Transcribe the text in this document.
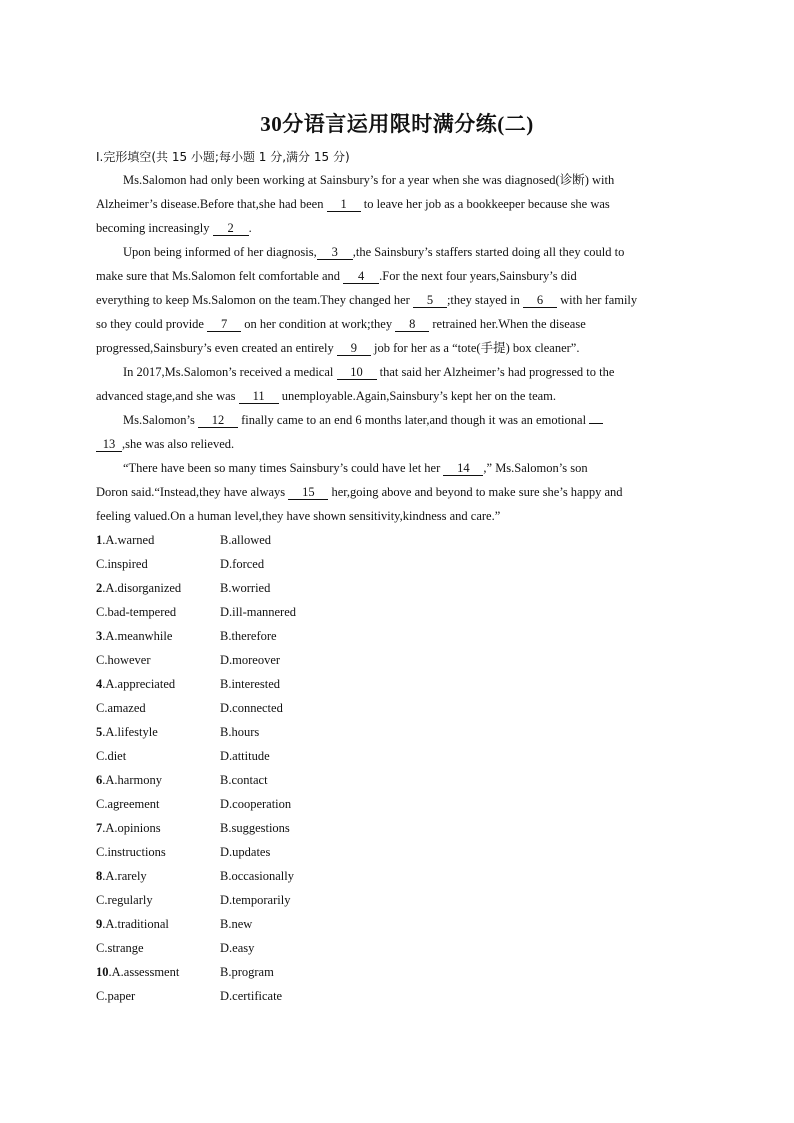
30分语言运用限时满分练(二)
Ⅰ.完形填空(共 15 小题;每小题 1 分,满分 15 分)
Ms.Salomon had only been working at Sainsbury’s for a year when she was diagnosed(诊断) with
Alzheimer’s disease.Before that,she had been 1 to leave her job as a bookkeeper because she was
becoming increasingly 2 .
Upon being informed of her diagnosis, 3 ,the Sainsbury’s staffers started doing all they could to
make sure that Ms.Salomon felt comfortable and 4 .For the next four years,Sainsbury’s did
everything to keep Ms.Salomon on the team.They changed her 5 ;they stayed in 6 with her family
so they could provide 7 on her condition at work;they 8 retrained her.When the disease
progressed,Sainsbury’s even created an entirely 9 job for her as a “tote(手提) box cleaner”.
In 2017,Ms.Salomon’s received a medical 10 that said her Alzheimer’s had progressed to the
advanced stage,and she was 11 unemployable.Again,Sainsbury’s kept her on the team.
Ms.Salomon’s 12 finally came to an end 6 months later,and though it was an emotional
13 ,she was also relieved.
“There have been so many times Sainsbury’s could have let her 14 ,” Ms.Salomon’s son
Doron said.“Instead,they have always 15 her,going above and beyond to make sure she’s happy and
feeling valued.On a human level,they have shown sensitivity,kindness and care.”
1.A.warned	B.allowed
C.inspired	D.forced
2.A.disorganized	B.worried
C.bad-tempered	D.ill-mannered
3.A.meanwhile	B.therefore
C.however	D.moreover
4.A.appreciated	B.interested
C.amazed	D.connected
5.A.lifestyle	B.hours
C.diet	D.attitude
6.A.harmony	B.contact
C.agreement	D.cooperation
7.A.opinions	B.suggestions
C.instructions	D.updates
8.A.rarely	B.occasionally
C.regularly	D.temporarily
9.A.traditional	B.new
C.strange	D.easy
10.A.assessment	B.program
C.paper	D.certificate
